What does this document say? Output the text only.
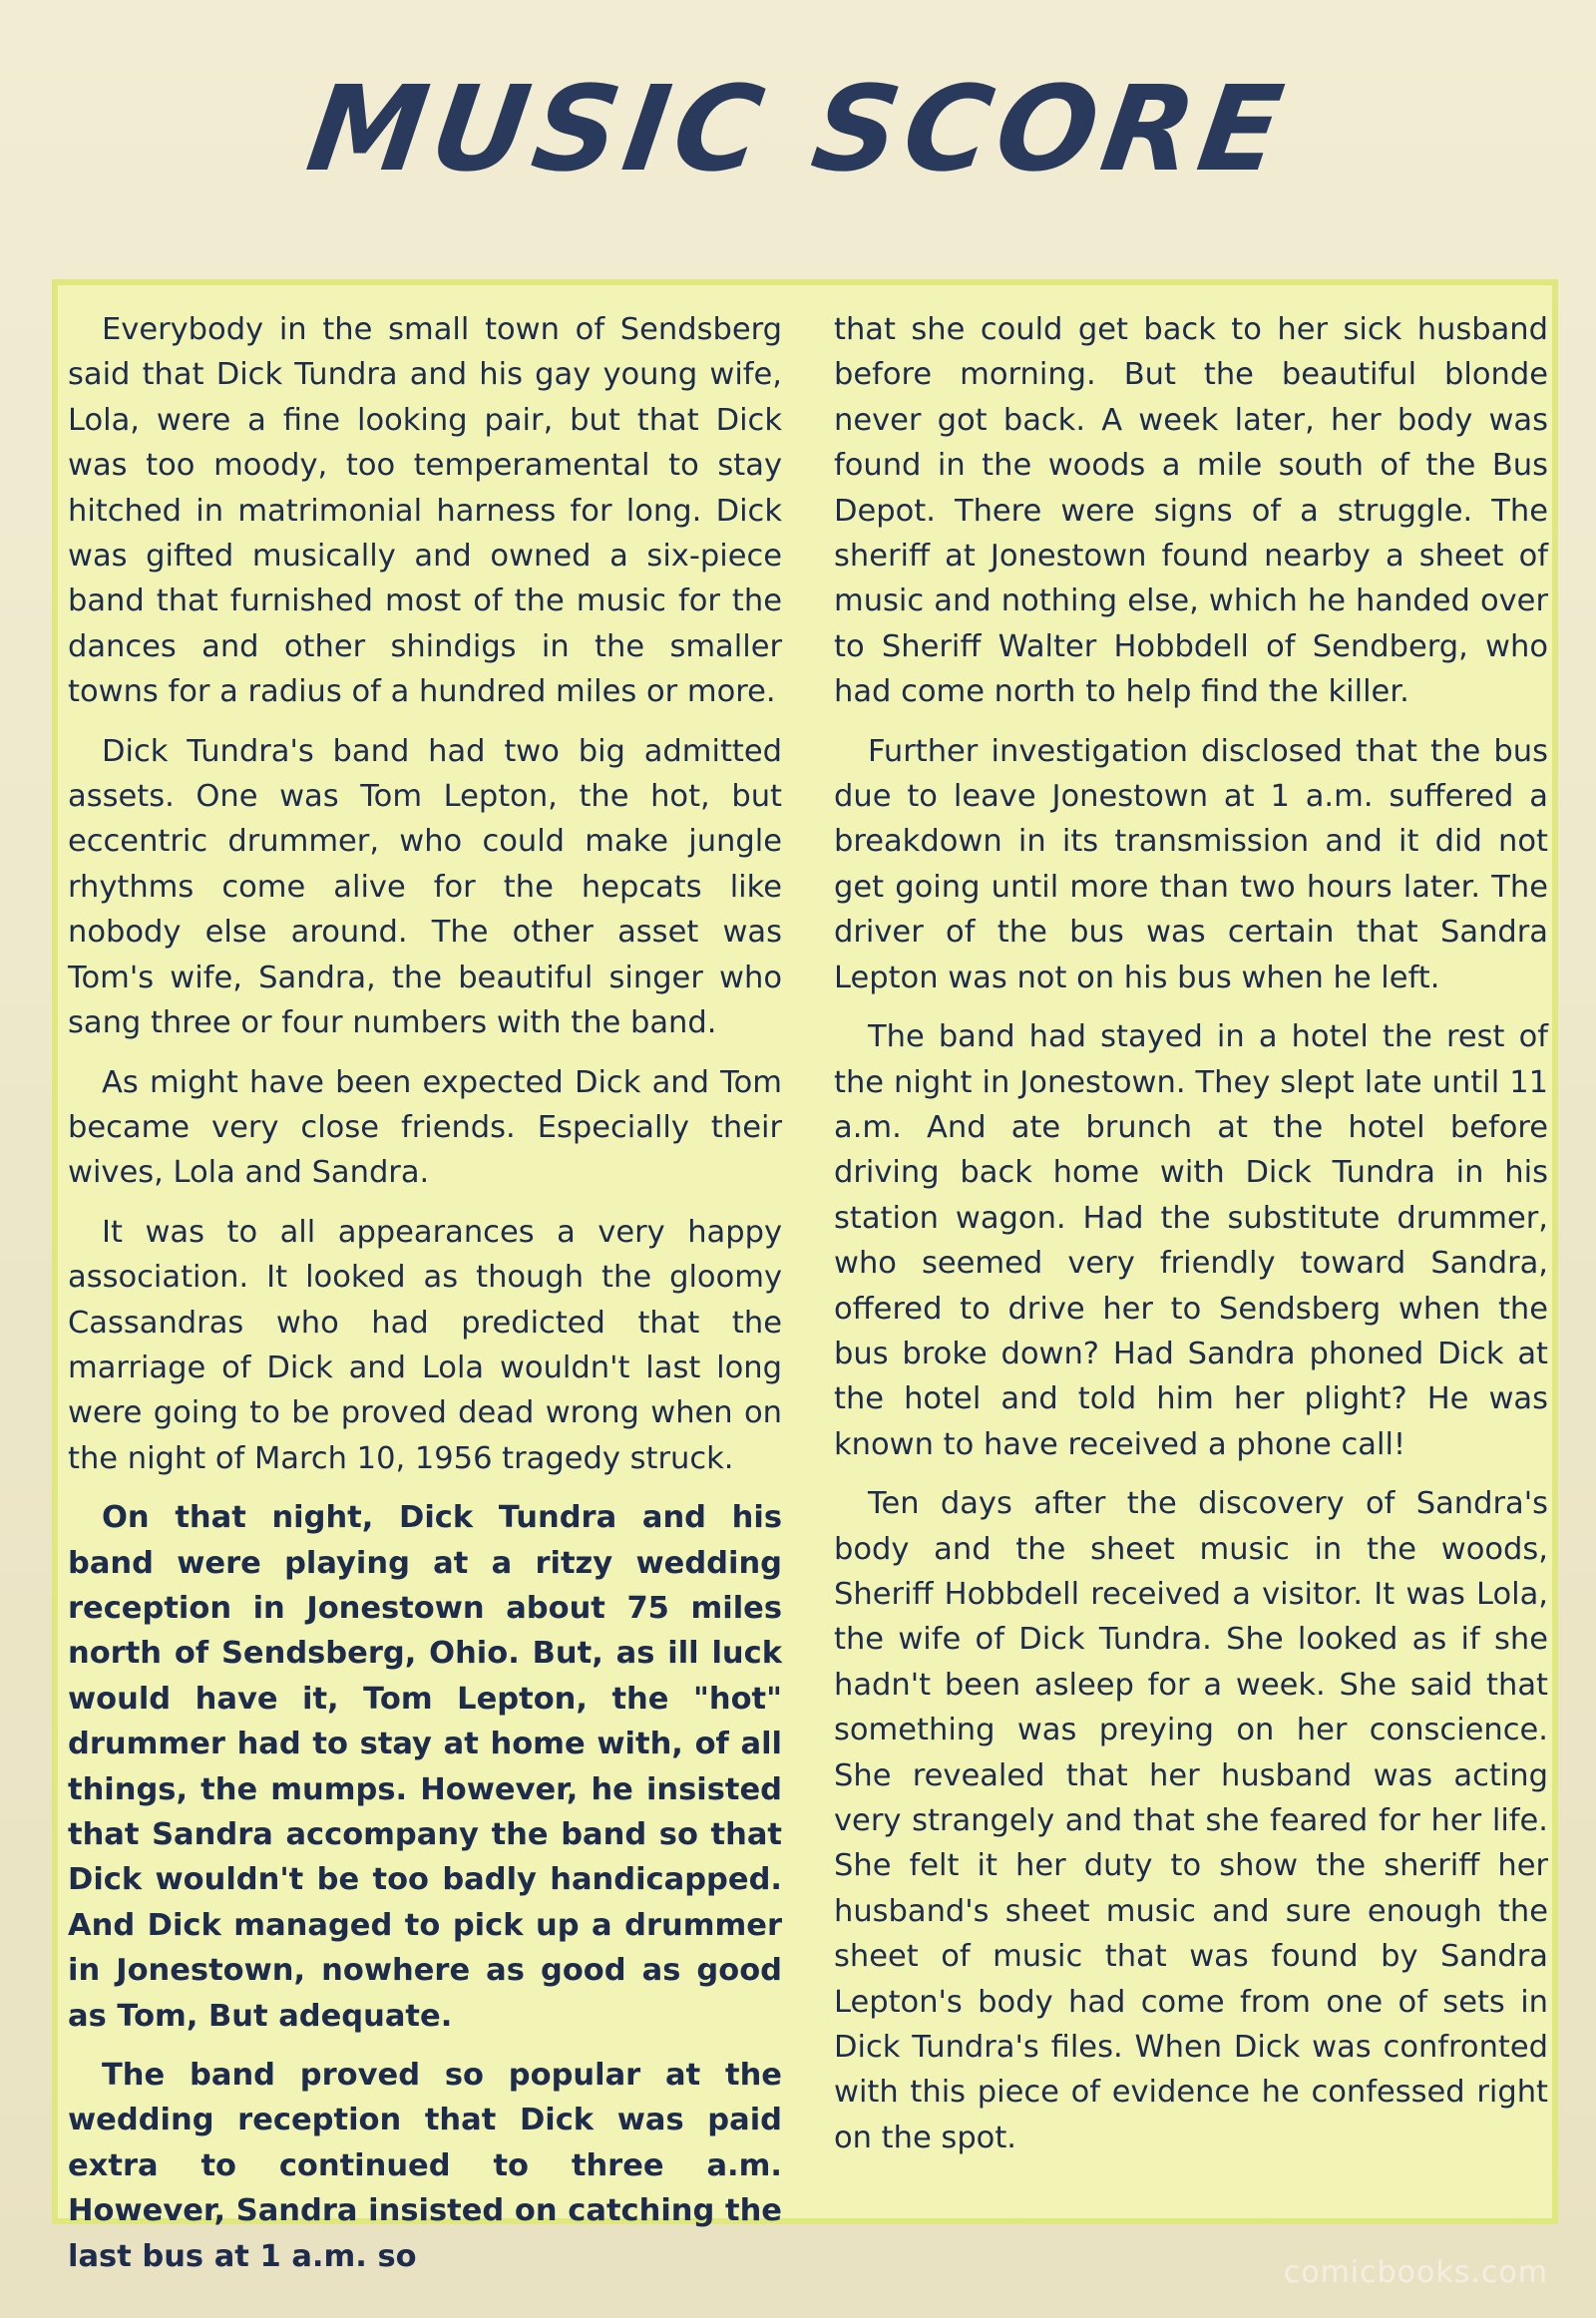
MUSIC SCORE

Everybody in the small town of Sendsberg said that Dick Tundra and his gay young wife, Lola, were a fine looking pair, but that Dick was too moody, too temperamental to stay hitched in matrimonial harness for long. Dick was gifted musically and owned a six-piece band that furnished most of the music for the dances and other shindigs in the smaller towns for a radius of a hundred miles or more.

Dick Tundra's band had two big admitted assets. One was Tom Lepton, the hot, but eccentric drummer, who could make jungle rhythms come alive for the hepcats like nobody else around. The other asset was Tom's wife, Sandra, the beautiful singer who sang three or four numbers with the band.

As might have been expected Dick and Tom became very close friends. Especially their wives, Lola and Sandra.

It was to all appearances a very happy association. It looked as though the gloomy Cassandras who had predicted that the marriage of Dick and Lola wouldn't last long were going to be proved dead wrong when on the night of March 10, 1956 tragedy struck.

On that night, Dick Tundra and his band were playing at a ritzy wedding reception in Jonestown about 75 miles north of Sendsberg, Ohio. But, as ill luck would have it, Tom Lepton, the "hot" drummer had to stay at home with, of all things, the mumps. However, he insisted that Sandra accompany the band so that Dick wouldn't be too badly handicapped. And Dick managed to pick up a drummer in Jonestown, nowhere as good as good as Tom, But adequate.

The band proved so popular at the wedding reception that Dick was paid extra to continued to three a.m. However, Sandra insisted on catching the last bus at 1 a.m. so

that she could get back to her sick husband before morning. But the beautiful blonde never got back. A week later, her body was found in the woods a mile south of the Bus Depot. There were signs of a struggle. The sheriff at Jonestown found nearby a sheet of music and nothing else, which he handed over to Sheriff Walter Hobbdell of Sendberg, who had come north to help find the killer.

Further investigation disclosed that the bus due to leave Jonestown at 1 a.m. suffered a breakdown in its transmission and it did not get going until more than two hours later. The driver of the bus was certain that Sandra Lepton was not on his bus when he left.

The band had stayed in a hotel the rest of the night in Jonestown. They slept late until 11 a.m. And ate brunch at the hotel before driving back home with Dick Tundra in his station wagon. Had the substitute drummer, who seemed very friendly toward Sandra, offered to drive her to Sendsberg when the bus broke down? Had Sandra phoned Dick at the hotel and told him her plight? He was known to have received a phone call!

Ten days after the discovery of Sandra's body and the sheet music in the woods, Sheriff Hobbdell received a visitor. It was Lola, the wife of Dick Tundra. She looked as if she hadn't been asleep for a week. She said that something was preying on her conscience. She revealed that her husband was acting very strangely and that she feared for her life. She felt it her duty to show the sheriff her husband's sheet music and sure enough the sheet of music that was found by Sandra Lepton's body had come from one of sets in Dick Tundra's files. When Dick was confronted with this piece of evidence he confessed right on the spot.

comicbooks.com
